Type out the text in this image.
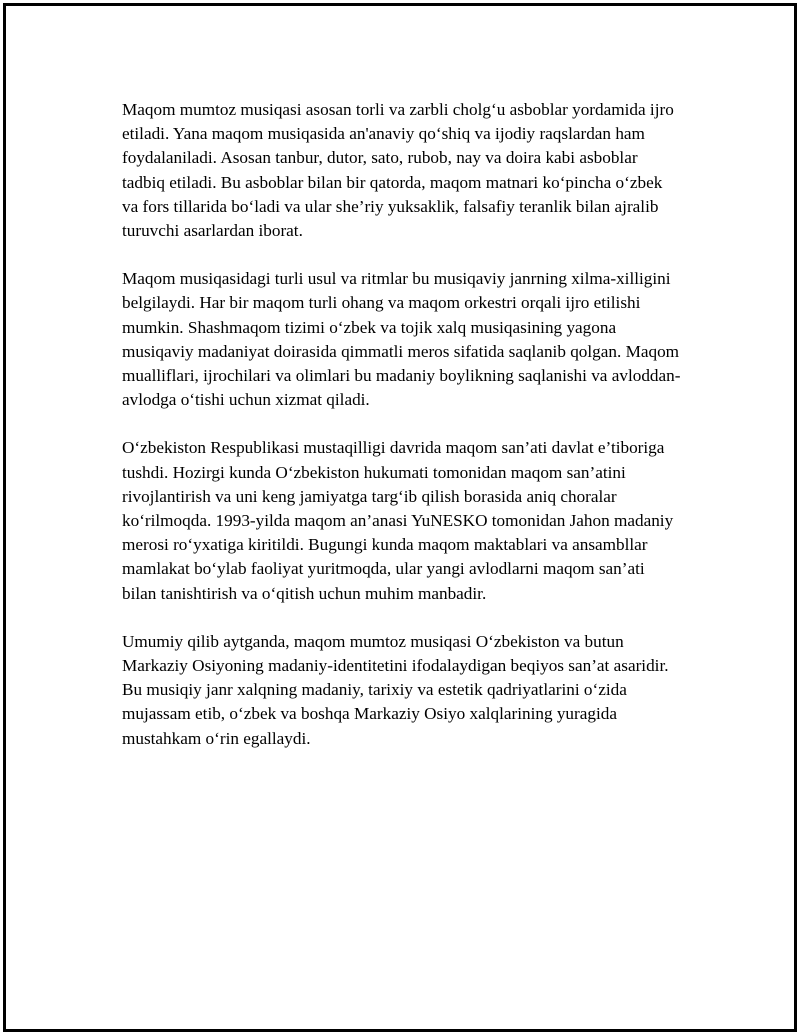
Maqom mumtoz musiqasi asosan torli va zarbli cholg‘u asboblar yordamida ijro etiladi. Yana maqom musiqasida an'anaviy qo‘shiq va ijodiy raqslardan ham foydalaniladi. Asosan tanbur, dutor, sato, rubob, nay va doira kabi asboblar tadbiq etiladi. Bu asboblar bilan bir qatorda, maqom matnari ko‘pincha o‘zbek va fors tillarida bo‘ladi va ular she’riy yuksaklik, falsafiy teranlik bilan ajralib turuvchi asarlardan iborat.

Maqom musiqasidagi turli usul va ritmlar bu musiqaviy janrning xilma-xilligini belgilaydi. Har bir maqom turli ohang va maqom orkestri orqali ijro etilishi mumkin. Shashmaqom tizimi o‘zbek va tojik xalq musiqasining yagona musiqaviy madaniyat doirasida qimmatli meros sifatida saqlanib qolgan. Maqom mualliflari, ijrochilari va olimlari bu madaniy boylikning saqlanishi va avloddan-avlodga o‘tishi uchun xizmat qiladi.

O‘zbekiston Respublikasi mustaqilligi davrida maqom san’ati davlat e’tiboriga tushdi. Hozirgi kunda O‘zbekiston hukumati tomonidan maqom san’atini rivojlantirish va uni keng jamiyatga targ‘ib qilish borasida aniq choralar ko‘rilmoqda. 1993-yilda maqom an’anasi YuNESKO tomonidan Jahon madaniy merosi ro‘yxatiga kiritildi. Bugungi kunda maqom maktablari va ansambllar mamlakat bo‘ylab faoliyat yuritmoqda, ular yangi avlodlarni maqom san’ati bilan tanishtirish va o‘qitish uchun muhim manbadir.

Umumiy qilib aytganda, maqom mumtoz musiqasi O‘zbekiston va butun Markaziy Osiyoning madaniy-identitetini ifodalaydigan beqiyos san’at asaridir. Bu musiqiy janr xalqning madaniy, tarixiy va estetik qadriyatlarini o‘zida mujassam etib, o‘zbek va boshqa Markaziy Osiyo xalqlarining yuragida mustahkam o‘rin egallaydi.
